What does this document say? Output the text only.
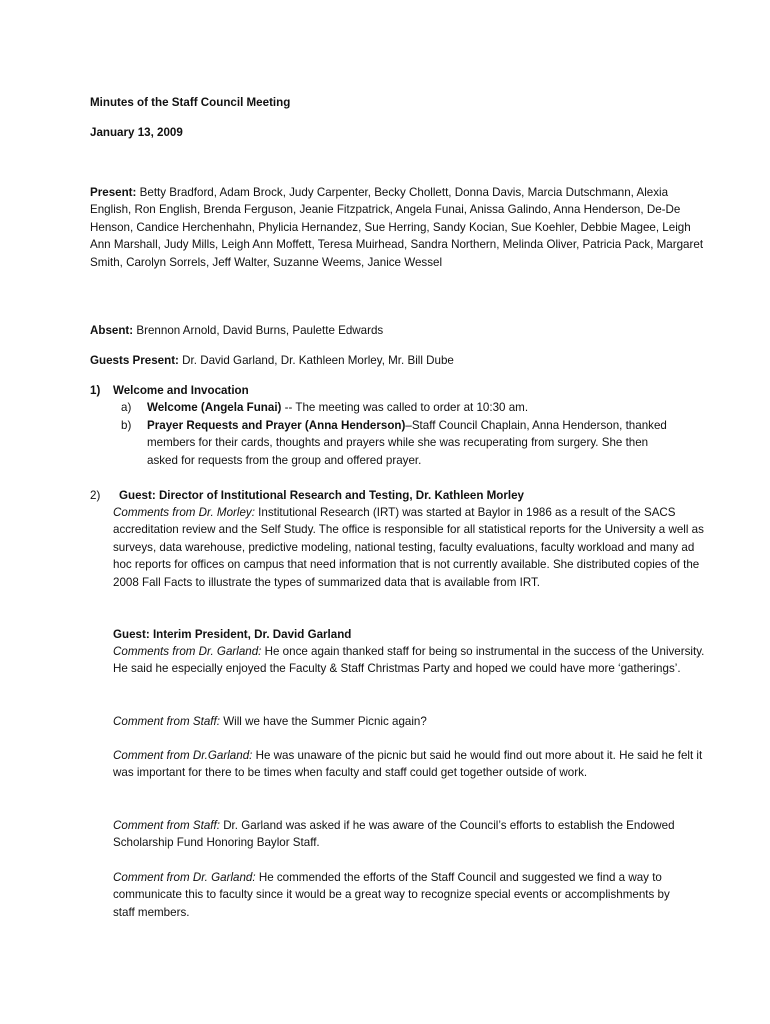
Minutes of the Staff Council Meeting
January 13, 2009
Present: Betty Bradford, Adam Brock, Judy Carpenter, Becky Chollett, Donna Davis, Marcia Dutschmann, Alexia English, Ron English, Brenda Ferguson, Jeanie Fitzpatrick, Angela Funai, Anissa Galindo, Anna Henderson, De-De Henson, Candice Herchenhahn, Phylicia Hernandez, Sue Herring, Sandy Kocian, Sue Koehler, Debbie Magee, Leigh Ann Marshall, Judy Mills, Leigh Ann Moffett, Teresa Muirhead, Sandra Northern, Melinda Oliver, Patricia Pack, Margaret Smith, Carolyn Sorrels, Jeff Walter, Suzanne Weems, Janice Wessel
Absent: Brennon Arnold, David Burns, Paulette Edwards
Guests Present: Dr. David Garland, Dr. Kathleen Morley, Mr. Bill Dube
1) Welcome and Invocation
a) Welcome (Angela Funai) -- The meeting was called to order at 10:30 am.
b) Prayer Requests and Prayer (Anna Henderson)–Staff Council Chaplain, Anna Henderson, thanked members for their cards, thoughts and prayers while she was recuperating from surgery. She then asked for requests from the group and offered prayer.
2) Guest: Director of Institutional Research and Testing, Dr. Kathleen Morley
Comments from Dr. Morley: Institutional Research (IRT) was started at Baylor in 1986 as a result of the SACS accreditation review and the Self Study. The office is responsible for all statistical reports for the University a well as surveys, data warehouse, predictive modeling, national testing, faculty evaluations, faculty workload and many ad hoc reports for offices on campus that need information that is not currently available. She distributed copies of the 2008 Fall Facts to illustrate the types of summarized data that is available from IRT.
Guest: Interim President, Dr. David Garland
Comments from Dr. Garland: He once again thanked staff for being so instrumental in the success of the University. He said he especially enjoyed the Faculty & Staff Christmas Party and hoped we could have more ‘gatherings’.
Comment from Staff: Will we have the Summer Picnic again?
Comment from Dr.Garland: He was unaware of the picnic but said he would find out more about it. He said he felt it was important for there to be times when faculty and staff could get together outside of work.
Comment from Staff: Dr. Garland was asked if he was aware of the Council’s efforts to establish the Endowed Scholarship Fund Honoring Baylor Staff.
Comment from Dr. Garland: He commended the efforts of the Staff Council and suggested we find a way to communicate this to faculty since it would be a great way to recognize special events or accomplishments by staff members.
